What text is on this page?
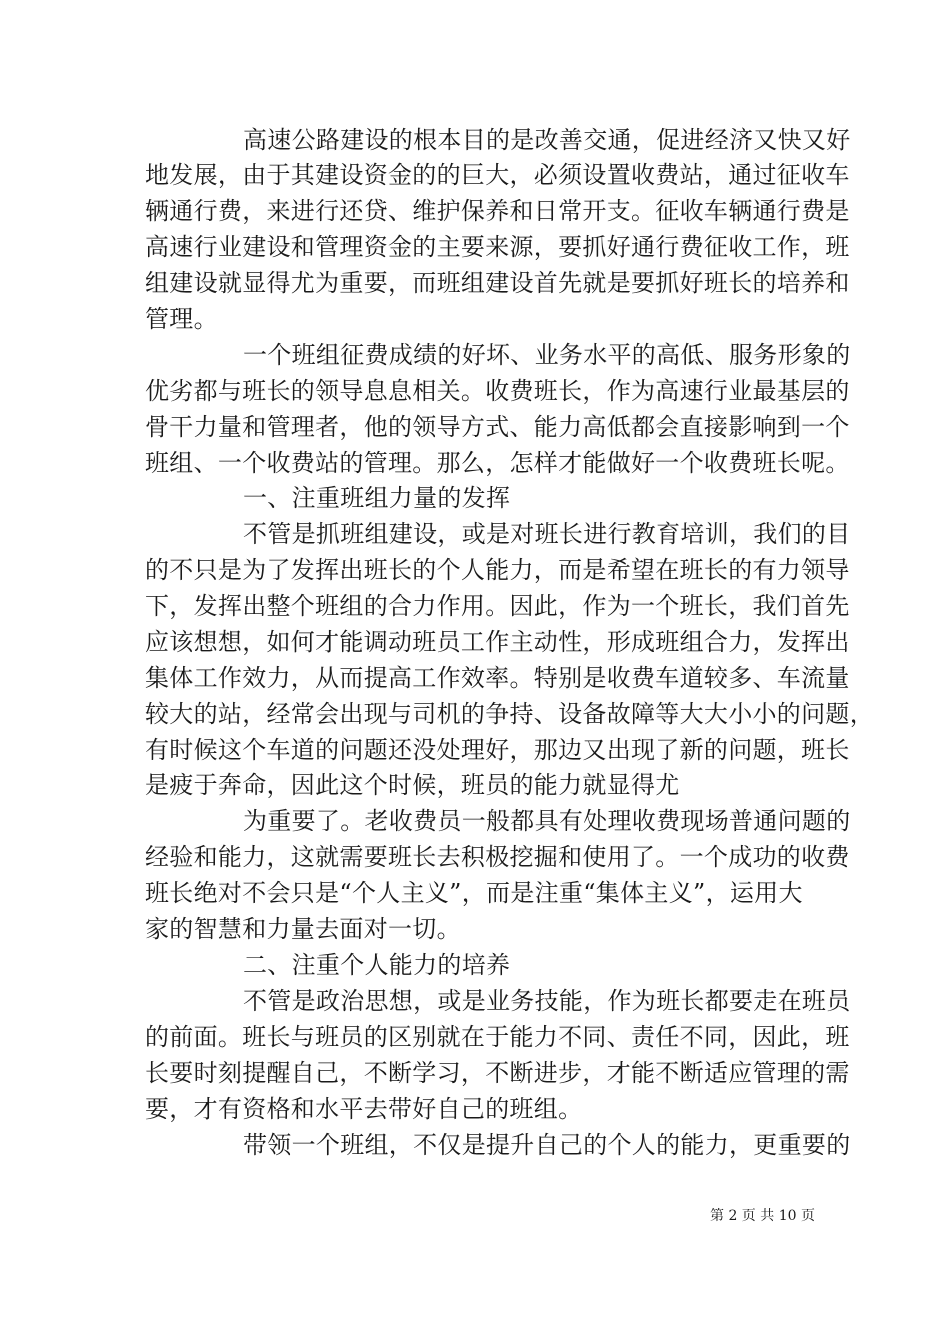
高速公路建设的根本目的是改善交通，促进经济又快又好
地发展，由于其建设资金的的巨大，必须设置收费站，通过征收车
辆通行费，来进行还贷、维护保养和日常开支。征收车辆通行费是
高速行业建设和管理资金的主要来源，要抓好通行费征收工作，班
组建设就显得尤为重要，而班组建设首先就是要抓好班长的培养和
管理。
一个班组征费成绩的好坏、业务水平的高低、服务形象的
优劣都与班长的领导息息相关。收费班长，作为高速行业最基层的
骨干力量和管理者，他的领导方式、能力高低都会直接影响到一个
班组、一个收费站的管理。那么，怎样才能做好一个收费班长呢。
一、注重班组力量的发挥
不管是抓班组建设，或是对班长进行教育培训，我们的目
的不只是为了发挥出班长的个人能力，而是希望在班长的有力领导
下，发挥出整个班组的合力作用。因此，作为一个班长，我们首先
应该想想，如何才能调动班员工作主动性，形成班组合力，发挥出
集体工作效力，从而提高工作效率。特别是收费车道较多、车流量
较大的站，经常会出现与司机的争持、设备故障等大大小小的问题，
有时候这个车道的问题还没处理好，那边又出现了新的问题，班长
是疲于奔命，因此这个时候，班员的能力就显得尤
为重要了。老收费员一般都具有处理收费现场普通问题的
经验和能力，这就需要班长去积极挖掘和使用了。一个成功的收费
班长绝对不会只是“个人主义”，而是注重“集体主义”，运用大
家的智慧和力量去面对一切。
二、注重个人能力的培养
不管是政治思想，或是业务技能，作为班长都要走在班员
的前面。班长与班员的区别就在于能力不同、责任不同，因此，班
长要时刻提醒自己，不断学习，不断进步，才能不断适应管理的需
要，才有资格和水平去带好自己的班组。
带领一个班组，不仅是提升自己的个人的能力，更重要的
第 2 页 共 10 页
